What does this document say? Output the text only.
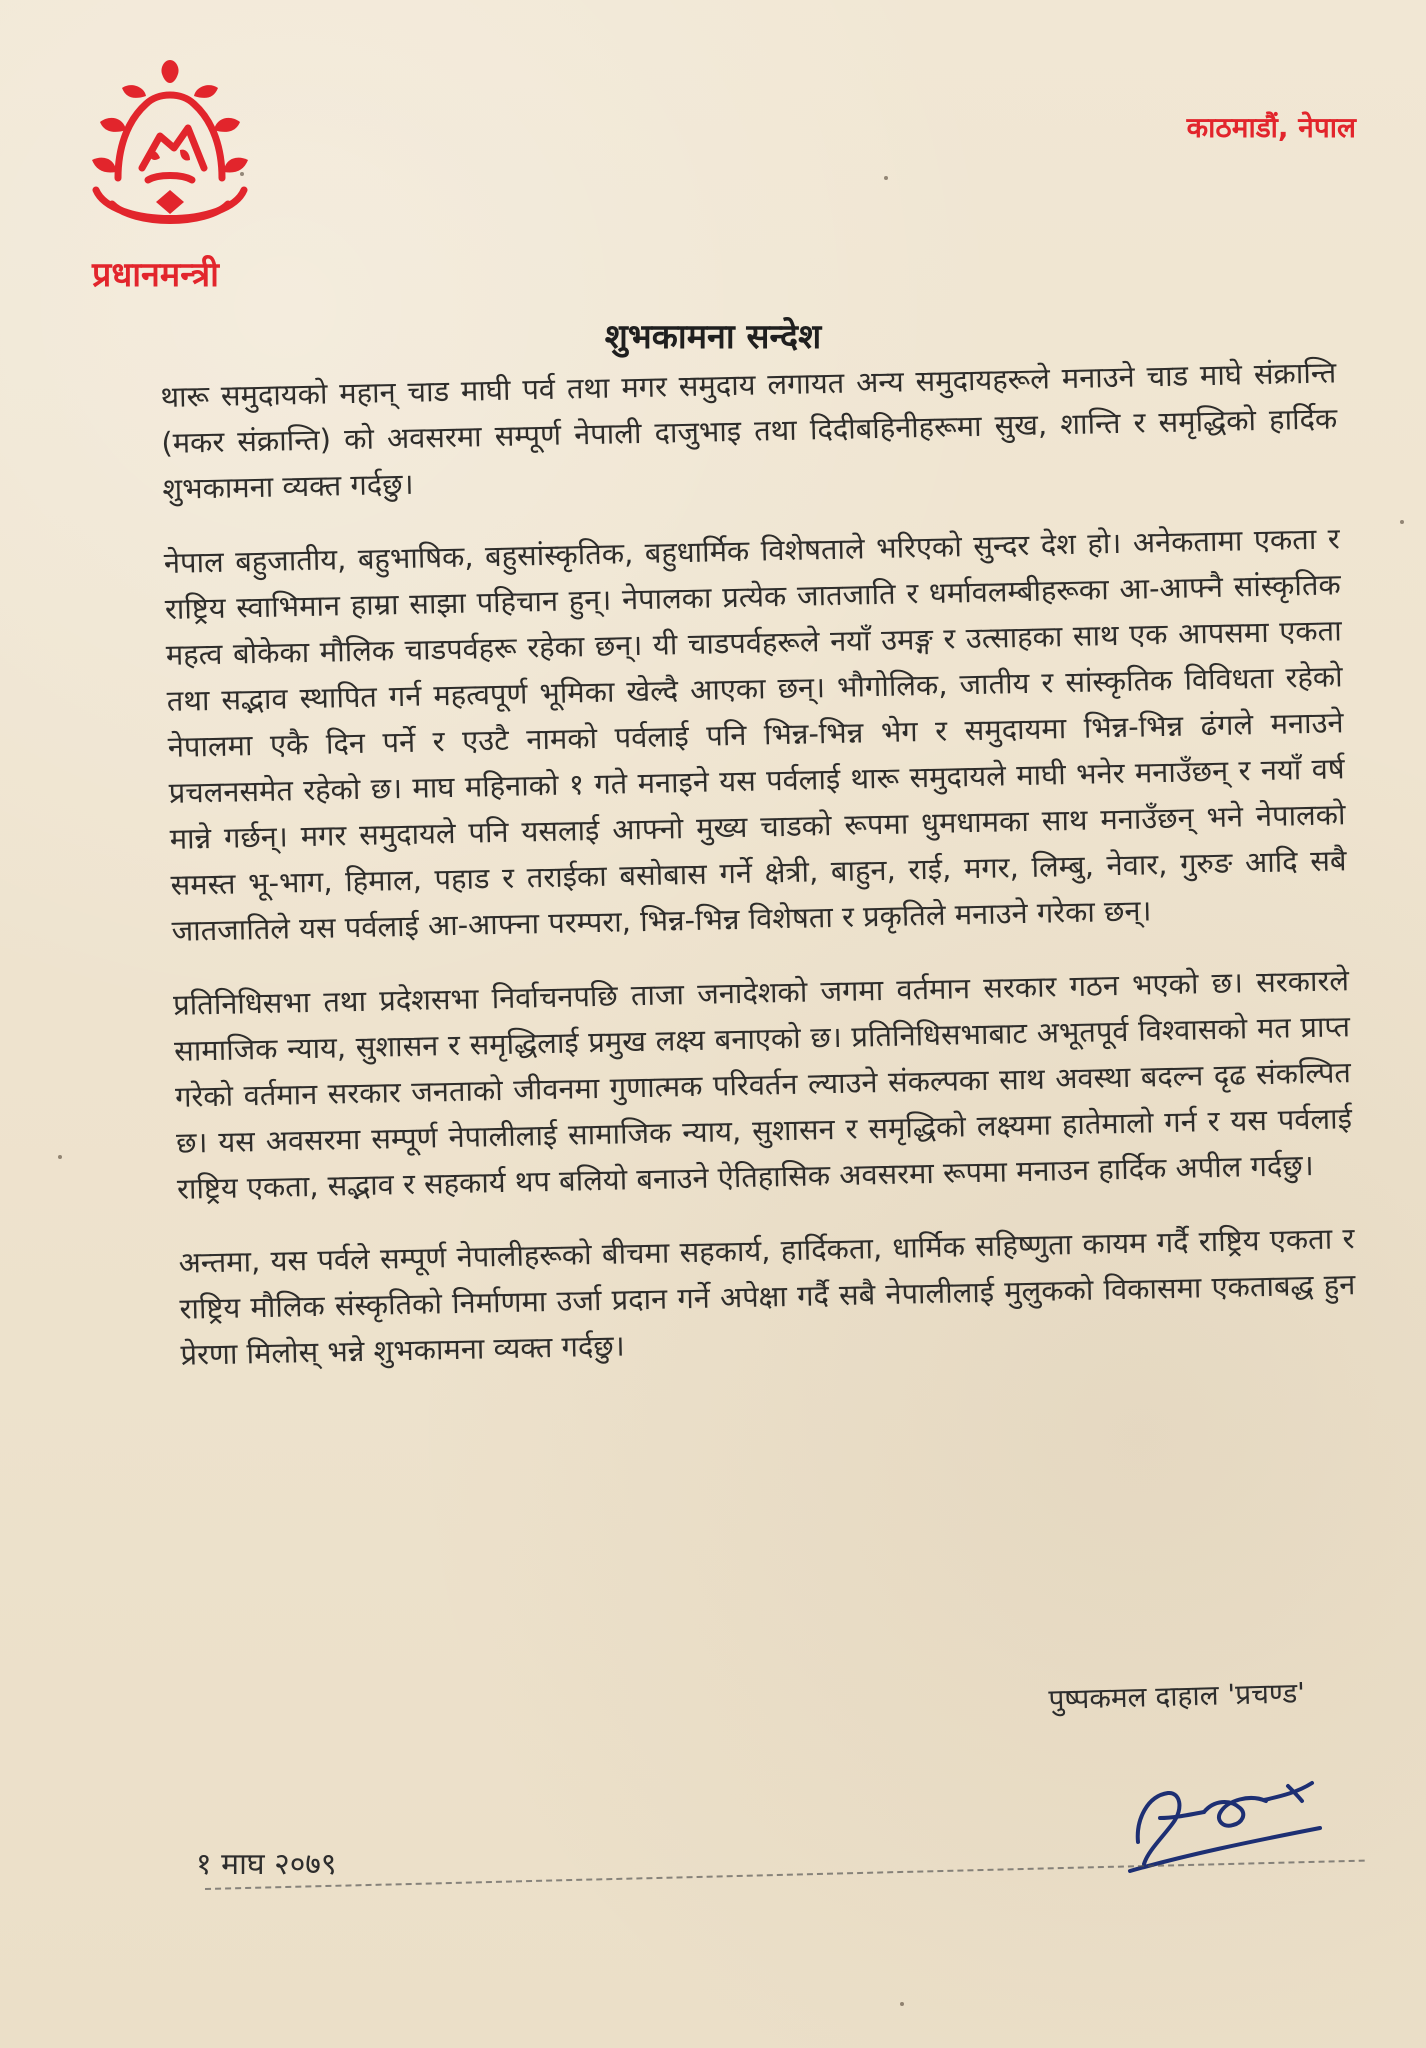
प्रधानमन्त्री
काठमाडौं, नेपाल
शुभकामना सन्देश

थारू समुदायको महान् चाड माघी पर्व तथा मगर समुदाय लगायत अन्य समुदायहरूले मनाउने चाड माघे संक्रान्ति (मकर संक्रान्ति) को अवसरमा सम्पूर्ण नेपाली दाजुभाइ तथा दिदीबहिनीहरूमा सुख, शान्ति र समृद्धिको हार्दिक शुभकामना व्यक्त गर्दछु।

नेपाल बहुजातीय, बहुभाषिक, बहुसांस्कृतिक, बहुधार्मिक विशेषताले भरिएको सुन्दर देश हो। अनेकतामा एकता र राष्ट्रिय स्वाभिमान हाम्रा साझा पहिचान हुन्। नेपालका प्रत्येक जातजाति र धर्मावलम्बीहरूका आ-आफ्नै सांस्कृतिक महत्व बोकेका मौलिक चाडपर्वहरू रहेका छन्। यी चाडपर्वहरूले नयाँ उमङ्ग र उत्साहका साथ एक आपसमा एकता तथा सद्भाव स्थापित गर्न महत्वपूर्ण भूमिका खेल्दै आएका छन्। भौगोलिक, जातीय र सांस्कृतिक विविधता रहेको नेपालमा एकै दिन पर्ने र एउटै नामको पर्वलाई पनि भिन्न-भिन्न भेग र समुदायमा भिन्न-भिन्न ढंगले मनाउने प्रचलनसमेत रहेको छ। माघ महिनाको १ गते मनाइने यस पर्वलाई थारू समुदायले माघी भनेर मनाउँछन् र नयाँ वर्ष मान्ने गर्छन्। मगर समुदायले पनि यसलाई आफ्नो मुख्य चाडको रूपमा धुमधामका साथ मनाउँछन् भने नेपालको समस्त भू-भाग, हिमाल, पहाड र तराईका बसोबास गर्ने क्षेत्री, बाहुन, राई, मगर, लिम्बु, नेवार, गुरुङ आदि सबै जातजातिले यस पर्वलाई आ-आफ्ना परम्परा, भिन्न-भिन्न विशेषता र प्रकृतिले मनाउने गरेका छन्।

प्रतिनिधिसभा तथा प्रदेशसभा निर्वाचनपछि ताजा जनादेशको जगमा वर्तमान सरकार गठन भएको छ। सरकारले सामाजिक न्याय, सुशासन र समृद्धिलाई प्रमुख लक्ष्य बनाएको छ। प्रतिनिधिसभाबाट अभूतपूर्व विश्वासको मत प्राप्त गरेको वर्तमान सरकार जनताको जीवनमा गुणात्मक परिवर्तन ल्याउने संकल्पका साथ अवस्था बदल्न दृढ संकल्पित छ। यस अवसरमा सम्पूर्ण नेपालीलाई सामाजिक न्याय, सुशासन र समृद्धिको लक्ष्यमा हातेमालो गर्न र यस पर्वलाई राष्ट्रिय एकता, सद्भाव र सहकार्य थप बलियो बनाउने ऐतिहासिक अवसरमा रूपमा मनाउन हार्दिक अपील गर्दछु।

अन्तमा, यस पर्वले सम्पूर्ण नेपालीहरूको बीचमा सहकार्य, हार्दिकता, धार्मिक सहिष्णुता कायम गर्दै राष्ट्रिय एकता र राष्ट्रिय मौलिक संस्कृतिको निर्माणमा उर्जा प्रदान गर्ने अपेक्षा गर्दै सबै नेपालीलाई मुलुकको विकासमा एकताबद्ध हुन प्रेरणा मिलोस् भन्ने शुभकामना व्यक्त गर्दछु।

१ माघ २०७९
पुष्पकमल दाहाल 'प्रचण्ड'
